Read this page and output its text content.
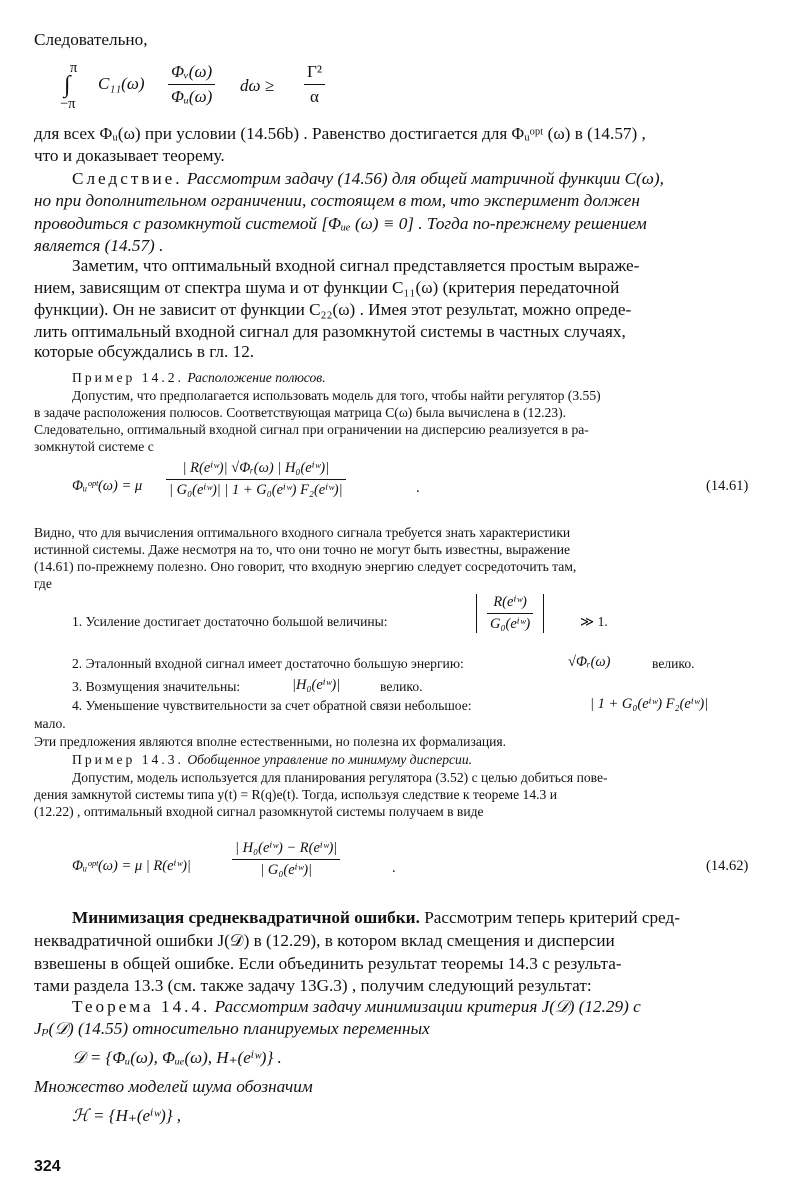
Следовательно,
π
∫
−π
$C_{11}(\omega) \frac{\text{Φᵥ(ω)}}{\text{Φᵤ(ω)}}$ $d\omega \ge \frac{\text{Γ²}}{\alpha}$
для всех Φᵤ(ω) при условии (14.56b) . Равенство достигается для Φᵤᵒᵖᵗ (ω) в (14.57) ,
что и доказывает теорему.
Следствие. Рассмотрим задачу (14.56) для общей матричной функции C(ω),
но при дополнительном ограничении, состоящем в том, что эксперимент должен
проводиться с разомкнутой системой [Φᵤₑ (ω) ≡ 0] . Тогда по-прежнему решением
является (14.57) .
Заметим, что оптимальный входной сигнал представляется простым выраже-
нием, зависящим от спектра шума и от функции C₁₁(ω) (критерия передаточной
функции). Он не зависит от функции C₂₂(ω) . Имея этот результат, можно опреде-
лить оптимальный входной сигнал для разомкнутой системы в частных случаях,
которые обсуждались в гл. 12.
Пример 14.2. Расположение полюсов.
Допустим, что предполагается использовать модель для того, чтобы найти регулятор (3.55)
в задаче расположения полюсов. Соответствующая матрица C(ω) была вычислена в (12.23).
Следовательно, оптимальный входной сигнал при ограничении на дисперсию реализуется в ра-
зомкнутой системе с
Φᵤᵒᵖᵗ(ω) = μ $\frac{\text{| R(eⁱʷ)| √Φᵣ(ω) | H₀(eⁱʷ)|}}{\text{| G₀(eⁱʷ)| | 1 + G₀(eⁱʷ) F₂(eⁱʷ)|}}$	.	(14.61)
Видно, что для вычисления оптимального входного сигнала требуется знать характеристики
истинной системы. Даже несмотря на то, что они точно не могут быть известны, выражение
(14.61) по-прежнему полезно. Оно говорит, что входную энергию следует сосредоточить там,
где
1. Усиление достигает достаточно большой величины:	$\frac{\text{R(eⁱʷ)}}{\text{G₀(eⁱʷ)}}$	≫ 1.
2. Эталонный входной сигнал имеет достаточно большую энергию:	√Φᵣ(ω)	велико.
3. Возмущения значительны:	|H₀(eⁱʷ)|	велико.
4. Уменьшение чувствительности за счет обратной связи небольшое:	| 1 + G₀(eⁱʷ) F₂(eⁱʷ)|
мало.
Эти предложения являются вполне естественными, но полезна их формализация.
Пример 14.3. Обобщенное управление по минимуму дисперсии.
Допустим, модель используется для планирования регулятора (3.52) с целью добиться пове-
дения замкнутой системы типа y(t) = R(q)e(t). Тогда, используя следствие к теореме 14.3 и
(12.22) , оптимальный входной сигнал разомкнутой системы получаем в виде
Φᵤᵒᵖᵗ(ω) = μ | R(eⁱʷ)|	$\frac{\text{| H₀(eⁱʷ) − R(eⁱʷ)|}}{\text{| G₀(eⁱʷ)|}}$	.	(14.62)
Минимизация среднеквадратичной ошибки. Рассмотрим теперь критерий сред-
неквадратичной ошибки J(𝒟) в (12.29), в котором вклад смещения и дисперсии
взвешены в общей ошибке. Если объединить результат теоремы 14.3 с результа-
тами раздела 13.3 (см. также задачу 13G.3) , получим следующий результат:
Теорема 14.4. Рассмотрим задачу минимизации критерия J(𝒟) (12.29) с
Jₚ(𝒟) (14.55) относительно планируемых переменных
𝒟 = {Φᵤ(ω), Φᵤₑ(ω), H₊(eⁱʷ)} .
Множество моделей шума обозначим
ℋ = {H₊(eⁱʷ)} ,
324
